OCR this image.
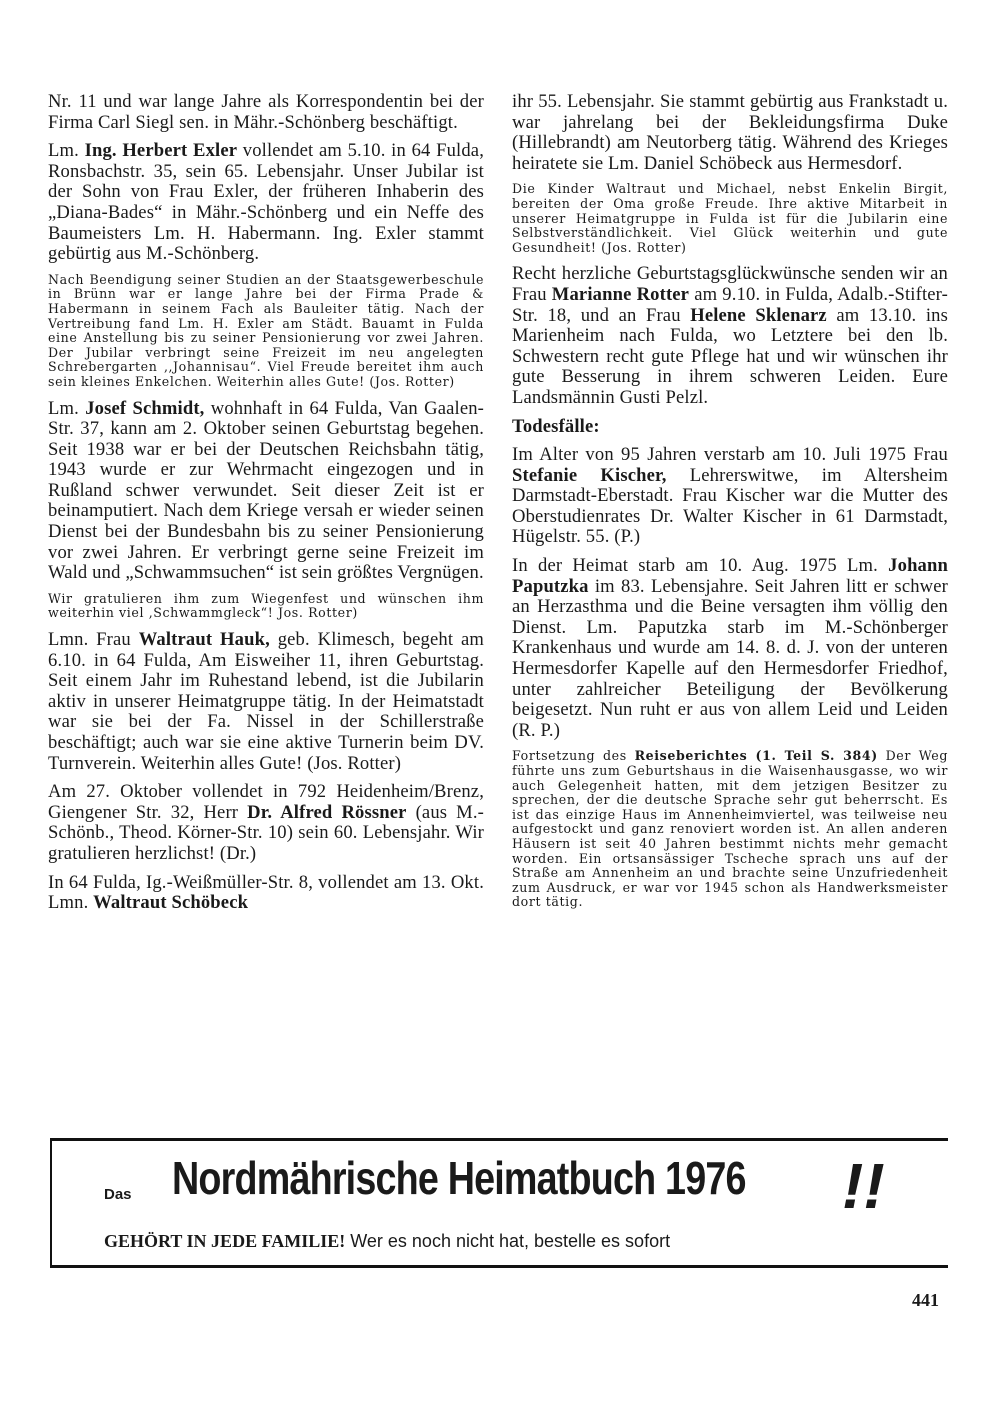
Nr. 11 und war lange Jahre als Korrespondentin bei der Firma Carl Siegl sen. in Mähr.-Schönberg beschäftigt.

Lm. Ing. Herbert Exler vollendet am 5.10. in 64 Fulda, Ronsbachstr. 35, sein 65. Lebensjahr. Unser Jubilar ist der Sohn von Frau Exler, der früheren Inhaberin des „Diana-Bades“ in Mähr.-Schönberg und ein Neffe des Baumeisters Lm. H. Habermann. Ing. Exler stammt gebürtig aus M.-Schönberg.

Nach Beendigung seiner Studien an der Staatsgewerbeschule in Brünn war er lange Jahre bei der Firma Prade & Habermann in seinem Fach als Bauleiter tätig. Nach der Vertreibung fand Lm. H. Exler am Städt. Bauamt in Fulda eine Anstellung bis zu seiner Pensionierung vor zwei Jahren. Der Jubilar verbringt seine Freizeit im neu angelegten Schrebergarten ‚‚Johannisau“. Viel Freude bereitet ihm auch sein kleines Enkelchen. Weiterhin alles Gute! (Jos. Rotter)

Lm. Josef Schmidt, wohnhaft in 64 Fulda, Van Gaalen-Str. 37, kann am 2. Oktober seinen Geburtstag begehen. Seit 1938 war er bei der Deutschen Reichsbahn tätig, 1943 wurde er zur Wehrmacht eingezogen und in Rußland schwer verwundet. Seit dieser Zeit ist er beinamputiert. Nach dem Kriege versah er wieder seinen Dienst bei der Bundesbahn bis zu seiner Pensionierung vor zwei Jahren. Er verbringt gerne seine Freizeit im Wald und „Schwammsuchen“ ist sein größtes Vergnügen.

Wir gratulieren ihm zum Wiegenfest und wünschen ihm weiterhin viel ‚Schwammgleck“! Jos. Rotter)

Lmn. Frau Waltraut Hauk, geb. Klimesch, begeht am 6.10. in 64 Fulda, Am Eisweiher 11, ihren Geburtstag. Seit einem Jahr im Ruhestand lebend, ist die Jubilarin aktiv in unserer Heimatgruppe tätig. In der Heimatstadt war sie bei der Fa. Nissel in der Schillerstraße beschäftigt; auch war sie eine aktive Turnerin beim DV. Turnverein. Weiterhin alles Gute! (Jos. Rotter)

Am 27. Oktober vollendet in 792 Heidenheim/Brenz, Giengener Str. 32, Herr Dr. Alfred Rössner (aus M.-Schönb., Theod. Körner-Str. 10) sein 60. Lebensjahr. Wir gratulieren herzlichst! (Dr.)

In 64 Fulda, Ig.-Weißmüller-Str. 8, vollendet am 13. Okt. Lmn. Waltraut Schöbeck

ihr 55. Lebensjahr. Sie stammt gebürtig aus Frankstadt u. war jahrelang bei der Bekleidungsfirma Duke (Hillebrandt) am Neutorberg tätig. Während des Krieges heiratete sie Lm. Daniel Schöbeck aus Hermesdorf.

Die Kinder Waltraut und Michael, nebst Enkelin Birgit, bereiten der Oma große Freude. Ihre aktive Mitarbeit in unserer Heimatgruppe in Fulda ist für die Jubilarin eine Selbstverständlichkeit. Viel Glück weiterhin und gute Gesundheit! (Jos. Rotter)

Recht herzliche Geburtstagsglückwünsche senden wir an Frau Marianne Rotter am 9.10. in Fulda, Adalb.-Stifter-Str. 18, und an Frau Helene Sklenarz am 13.10. ins Marienheim nach Fulda, wo Letztere bei den lb. Schwestern recht gute Pflege hat und wir wünschen ihr gute Besserung in ihrem schweren Leiden. Eure Landsmännin Gusti Pelzl.

Todesfälle:

Im Alter von 95 Jahren verstarb am 10. Juli 1975 Frau Stefanie Kischer, Lehrerswitwe, im Altersheim Darmstadt-Eberstadt. Frau Kischer war die Mutter des Oberstudienrates Dr. Walter Kischer in 61 Darmstadt, Hügelstr. 55. (P.)

In der Heimat starb am 10. Aug. 1975 Lm. Johann Paputzka im 83. Lebensjahre. Seit Jahren litt er schwer an Herzasthma und die Beine versagten ihm völlig den Dienst. Lm. Paputzka starb im M.-Schönberger Krankenhaus und wurde am 14. 8. d. J. von der unteren Hermesdorfer Kapelle auf den Hermesdorfer Friedhof, unter zahlreicher Beteiligung der Bevölkerung beigesetzt. Nun ruht er aus von allem Leid und Leiden (R. P.)

Fortsetzung des Reiseberichtes (1. Teil S. 384) Der Weg führte uns zum Geburtshaus in die Waisenhausgasse, wo wir auch Gelegenheit hatten, mit dem jetzigen Besitzer zu sprechen, der die deutsche Sprache sehr gut beherrscht. Es ist das einzige Haus im Annenheimviertel, was teilweise neu aufgestockt und ganz renoviert worden ist. An allen anderen Häusern ist seit 40 Jahren bestimmt nichts mehr gemacht worden. Ein ortsansässiger Tscheche sprach uns auf der Straße am Annenheim an und brachte seine Unzufriedenheit zum Ausdruck, er war vor 1945 schon als Handwerksmeister dort tätig.

Das Nordmährische Heimatbuch 1976 !!
GEHÖRT IN JEDE FAMILIE! Wer es noch nicht hat, bestelle es sofort
441
